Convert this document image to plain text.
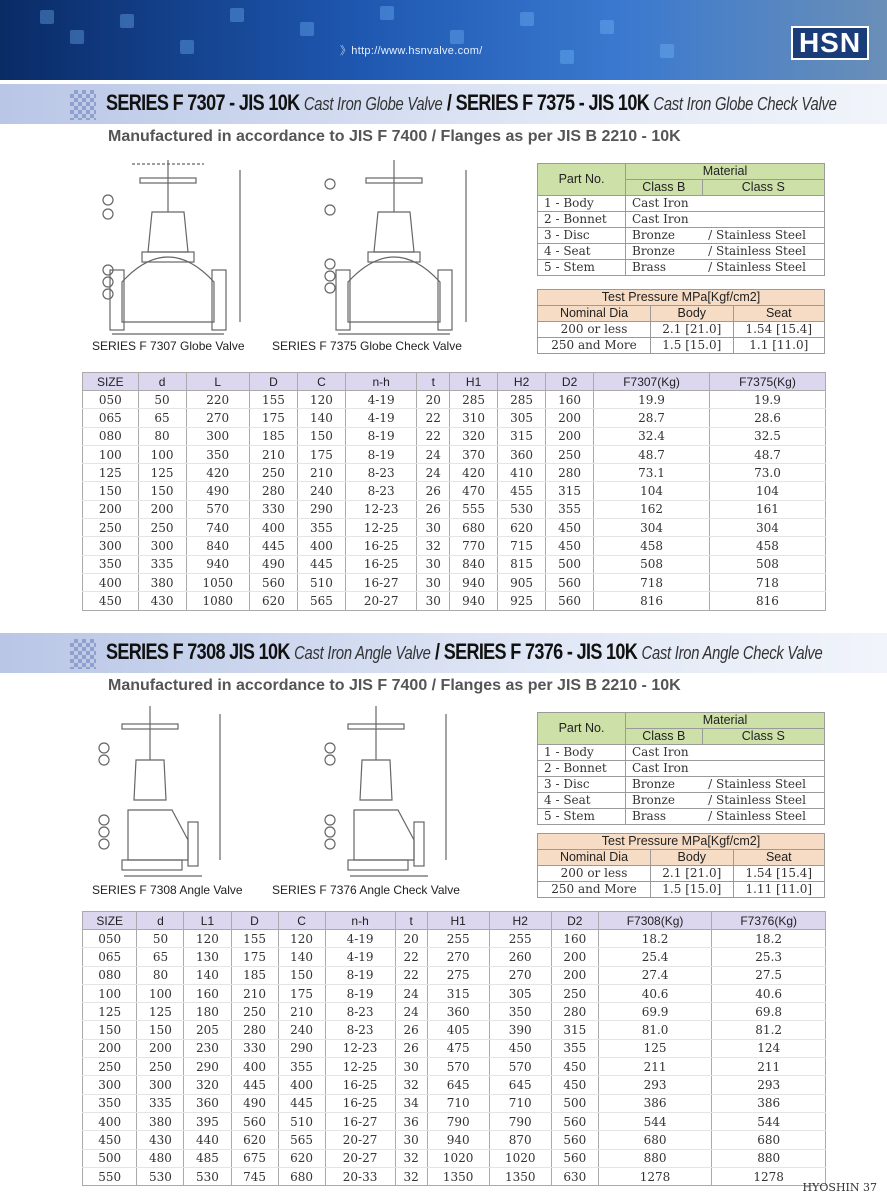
》http://www.hsnvalve.com/	HSN
SERIES F 7307 - JIS 10K Cast Iron Globe Valve / SERIES F 7375 - JIS 10K Cast Iron Globe Check Valve
Manufactured in accordance to JIS F 7400 / Flanges as per JIS B 2210 - 10K
SERIES F 7307 Globe Valve SERIES F 7375 Globe Check Valve
Part No.	Material	
	Class B	Class S
1 - Body	Cast Iron	
2 - Bonnet	Cast Iron	
3 - Disc	Bronze	/ Stainless Steel
4 - Seat	Bronze	/ Stainless Steel
5 - Stem	Brass	/ Stainless Steel
Test Pressure MPa[Kgf/cm2]		
Nominal Dia	Body	Seat
200 or less	2.1 [21.0]	1.54 [15.4]
250 and More	1.5 [15.0]	1.1 [11.0]
SIZE	d	L	D	C	n-h	t	H1	H2	D2	F7307(Kg)	F7375(Kg)
050	50	220	155	120	4-19	20	285	285	160	19.9	19.9
065	65	270	175	140	4-19	22	310	305	200	28.7	28.6
080	80	300	185	150	8-19	22	320	315	200	32.4	32.5
100	100	350	210	175	8-19	24	370	360	250	48.7	48.7
125	125	420	250	210	8-23	24	420	410	280	73.1	73.0
150	150	490	280	240	8-23	26	470	455	315	104	104
200	200	570	330	290	12-23	26	555	530	355	162	161
250	250	740	400	355	12-25	30	680	620	450	304	304
300	300	840	445	400	16-25	32	770	715	450	458	458
350	335	940	490	445	16-25	30	840	815	500	508	508
400	380	1050	560	510	16-27	30	940	905	560	718	718
450	430	1080	620	565	20-27	30	940	925	560	816	816
SERIES F 7308 JIS 10K Cast Iron Angle Valve / SERIES F 7376 - JIS 10K Cast Iron Angle Check Valve
Manufactured in accordance to JIS F 7400 / Flanges as per JIS B 2210 - 10K
SERIES F 7308 Angle Valve SERIES F 7376 Angle Check Valve
Part No.	Material	
	Class B	Class S
1 - Body	Cast Iron	
2 - Bonnet	Cast Iron	
3 - Disc	Bronze	/ Stainless Steel
4 - Seat	Bronze	/ Stainless Steel
5 - Stem	Brass	/ Stainless Steel
Test Pressure MPa[Kgf/cm2]		
Nominal Dia	Body	Seat
200 or less	2.1 [21.0]	1.54 [15.4]
250 and More	1.5 [15.0]	1.11 [11.0]
SIZE	d	L1	D	C	n-h	t	H1	H2	D2	F7308(Kg)	F7376(Kg)
050	50	120	155	120	4-19	20	255	255	160	18.2	18.2
065	65	130	175	140	4-19	22	270	260	200	25.4	25.3
080	80	140	185	150	8-19	22	275	270	200	27.4	27.5
100	100	160	210	175	8-19	24	315	305	250	40.6	40.6
125	125	180	250	210	8-23	24	360	350	280	69.9	69.8
150	150	205	280	240	8-23	26	405	390	315	81.0	81.2
200	200	230	330	290	12-23	26	475	450	355	125	124
250	250	290	400	355	12-25	30	570	570	450	211	211
300	300	320	445	400	16-25	32	645	645	450	293	293
350	335	360	490	445	16-25	34	710	710	500	386	386
400	380	395	560	510	16-27	36	790	790	560	544	544
450	430	440	620	565	20-27	30	940	870	560	680	680
500	480	485	675	620	20-27	32	1020	1020	560	880	880
550	530	530	745	680	20-33	32	1350	1350	630	1278	1278
HYOSHIN 37
